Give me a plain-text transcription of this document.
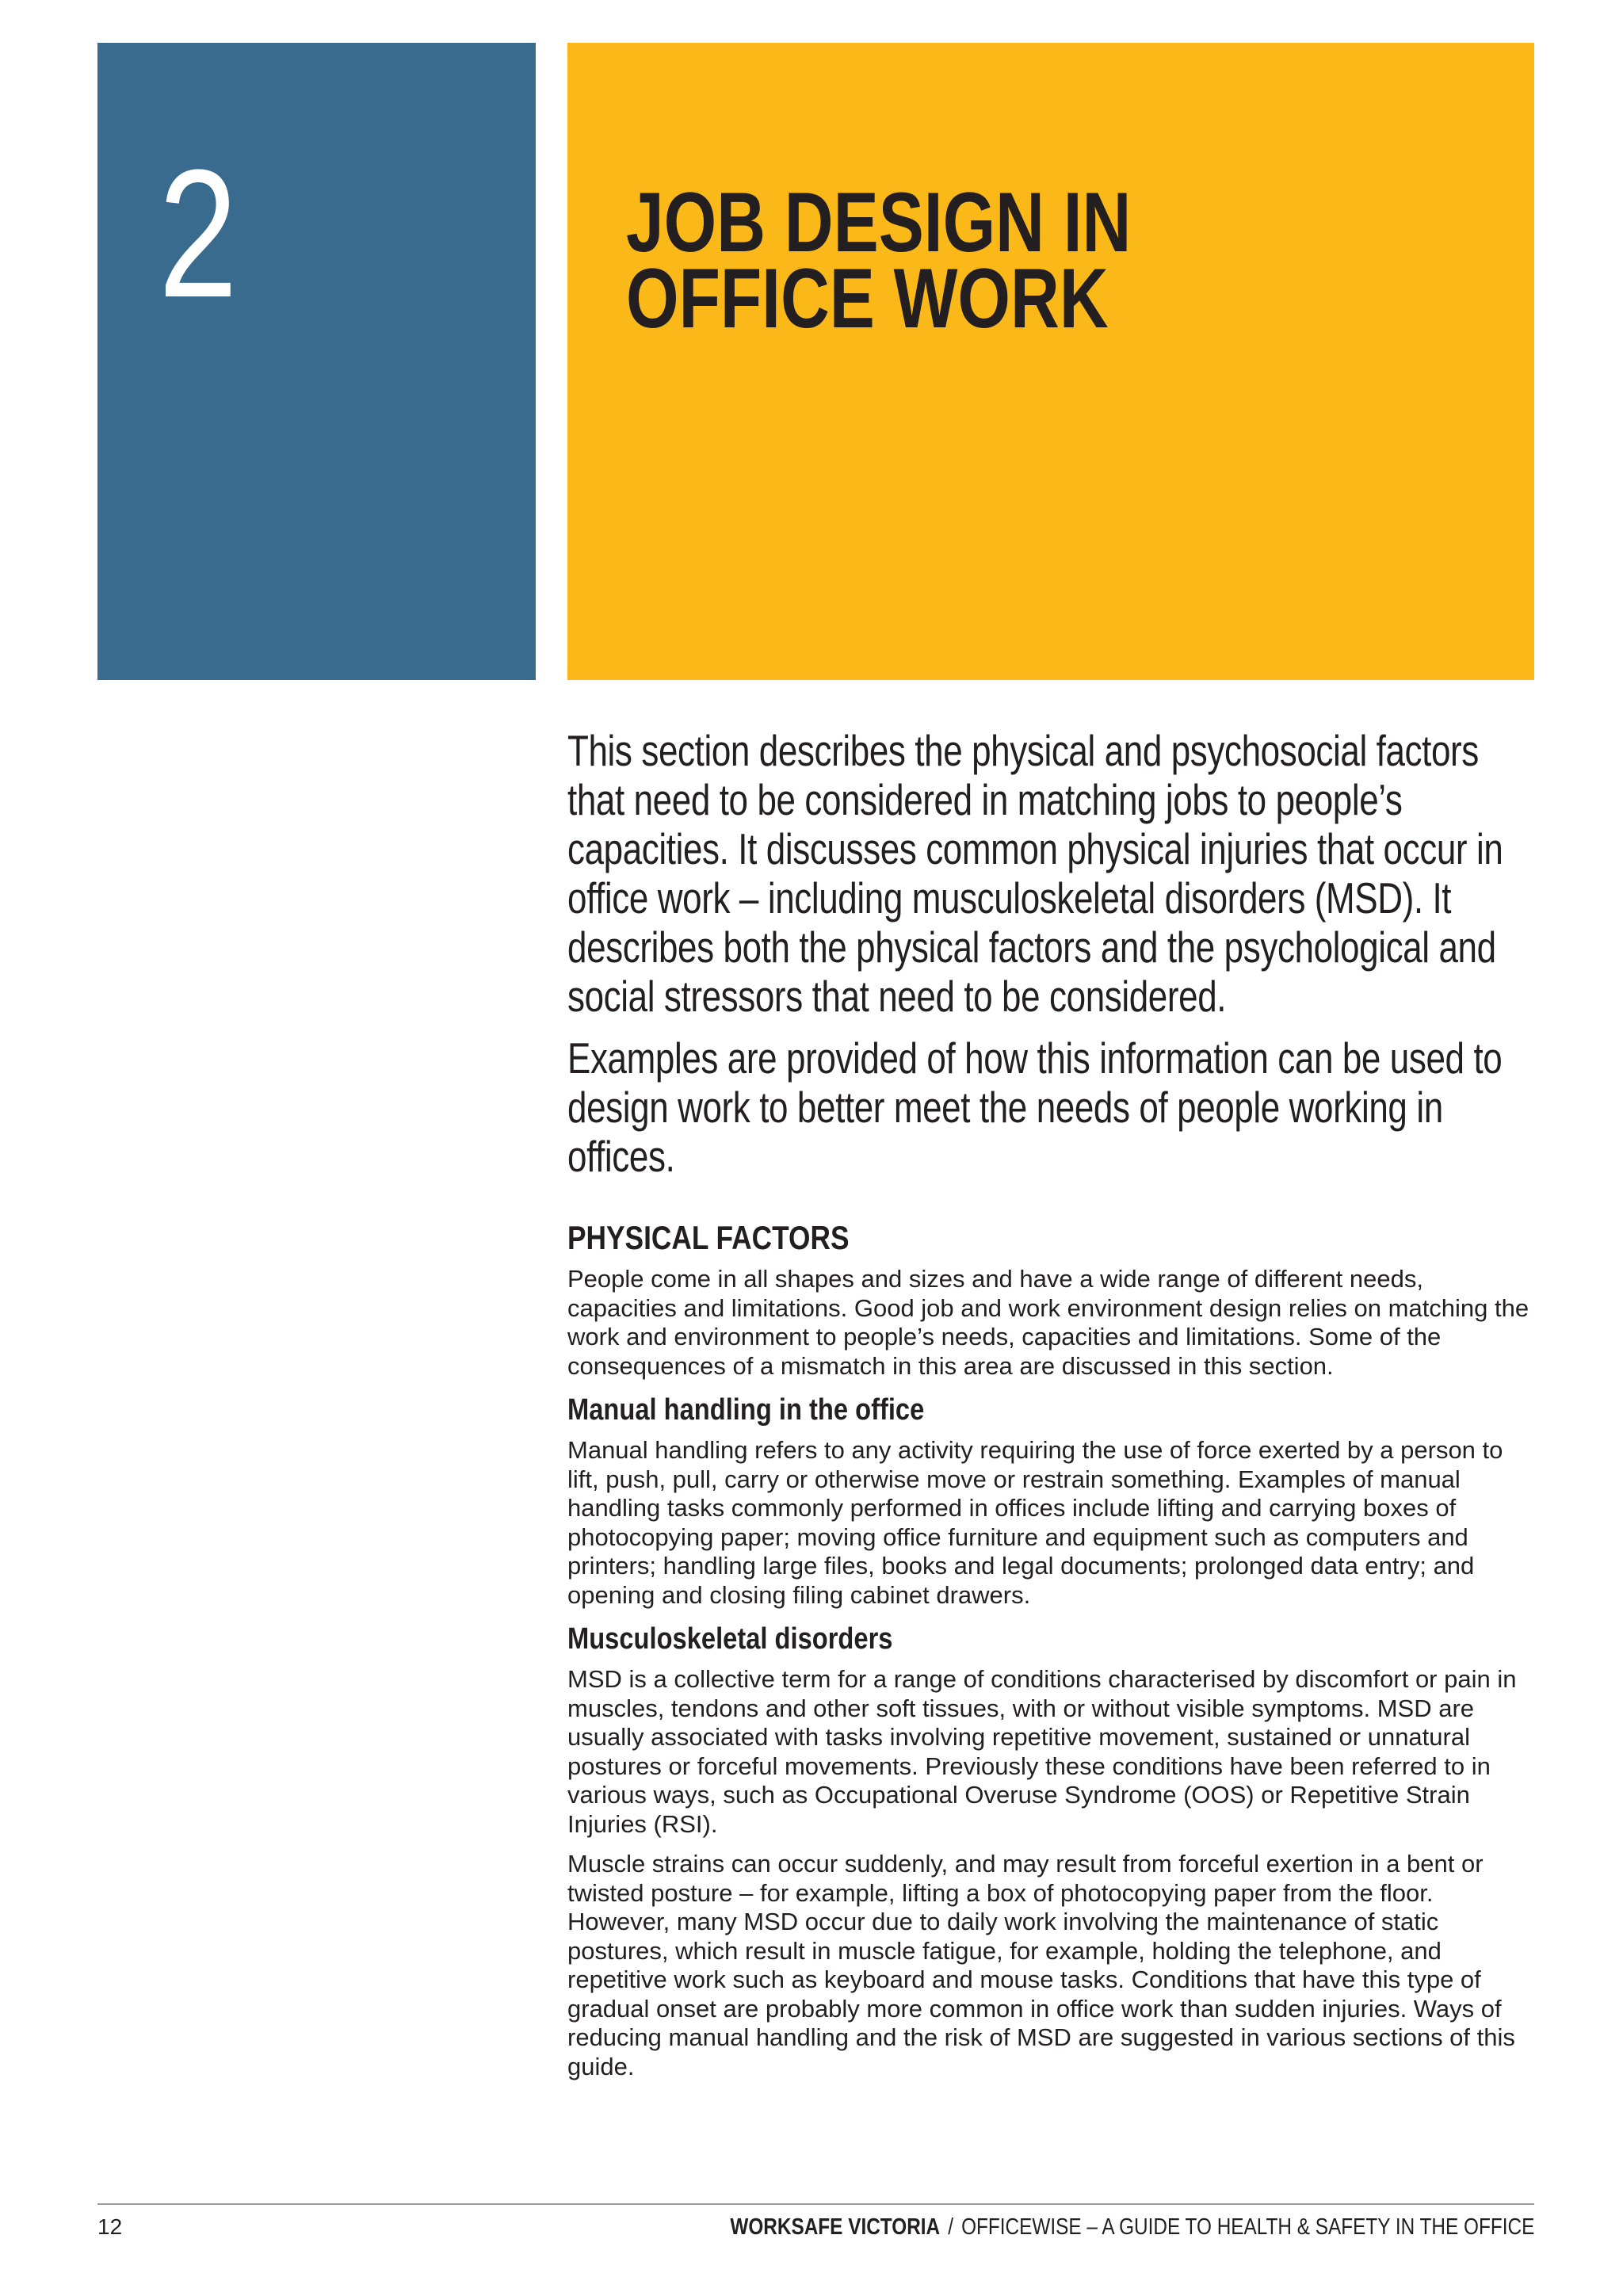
2	JOB DESIGN IN
OFFICE WORK

This section describes the physical and psychosocial factors that need to be considered in matching jobs to people’s capacities. It discusses common physical injuries that occur in office work – including musculoskeletal disorders (MSD). It describes both the physical factors and the psychological and social stressors that need to be considered.

Examples are provided of how this information can be used to design work to better meet the needs of people working in offices.

PHYSICAL FACTORS

People come in all shapes and sizes and have a wide range of different needs, capacities and limitations. Good job and work environment design relies on matching the work and environment to people’s needs, capacities and limitations. Some of the consequences of a mismatch in this area are discussed in this section.

Manual handling in the office

Manual handling refers to any activity requiring the use of force exerted by a person to lift, push, pull, carry or otherwise move or restrain something. Examples of manual handling tasks commonly performed in offices include lifting and carrying boxes of photocopying paper; moving office furniture and equipment such as computers and printers; handling large files, books and legal documents; prolonged data entry; and opening and closing filing cabinet drawers.

Musculoskeletal disorders

MSD is a collective term for a range of conditions characterised by discomfort or pain in muscles, tendons and other soft tissues, with or without visible symptoms. MSD are usually associated with tasks involving repetitive movement, sustained or unnatural postures or forceful movements. Previously these conditions have been referred to in various ways, such as Occupational Overuse Syndrome (OOS) or Repetitive Strain Injuries (RSI).

Muscle strains can occur suddenly, and may result from forceful exertion in a bent or twisted posture – for example, lifting a box of photocopying paper from the floor. However, many MSD occur due to daily work involving the maintenance of static postures, which result in muscle fatigue, for example, holding the telephone, and repetitive work such as keyboard and mouse tasks. Conditions that have this type of gradual onset are probably more common in office work than sudden injuries. Ways of reducing manual handling and the risk of MSD are suggested in various sections of this guide.

12	WORKSAFE VICTORIA / OFFICEWISE – A GUIDE TO HEALTH & SAFETY IN THE OFFICE
